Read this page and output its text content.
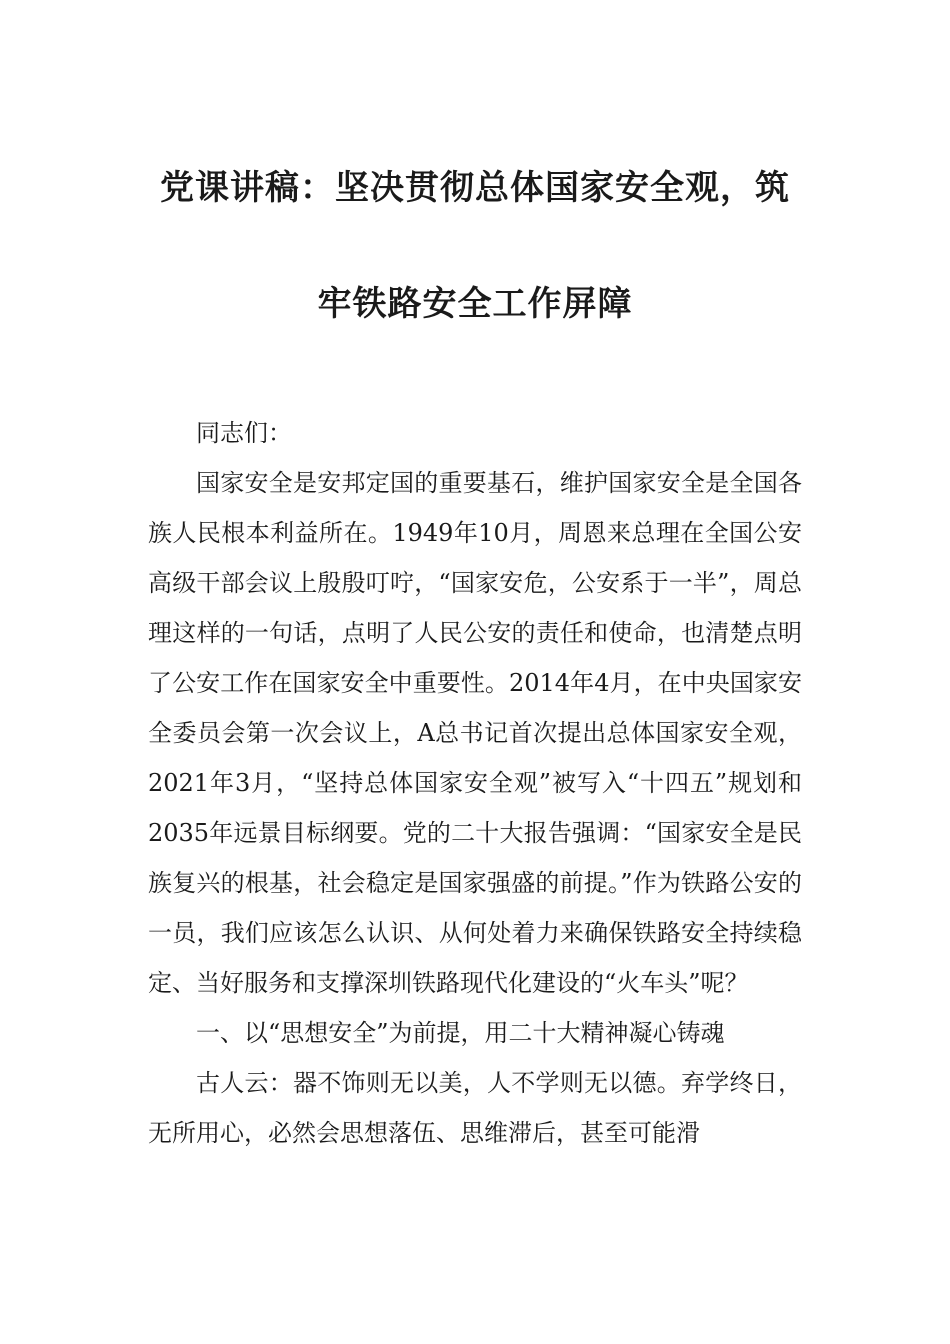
党课讲稿：坚决贯彻总体国家安全观，筑
牢铁路安全工作屏障

同志们：

国家安全是安邦定国的重要基石，维护国家安全是全国各族人民根本利益所在。1949年10月，周恩来总理在全国公安高级干部会议上殷殷叮咛，“国家安危，公安系于一半”，周总理这样的一句话，点明了人民公安的责任和使命，也清楚点明了公安工作在国家安全中重要性。2014年4月，在中央国家安全委员会第一次会议上，A总书记首次提出总体国家安全观，2021年3月，“坚持总体国家安全观”被写入“十四五”规划和2035年远景目标纲要。党的二十大报告强调：“国家安全是民族复兴的根基，社会稳定是国家强盛的前提。”作为铁路公安的一员，我们应该怎么认识、从何处着力来确保铁路安全持续稳定、当好服务和支撑深圳铁路现代化建设的“火车头”呢？

一、以“思想安全”为前提，用二十大精神凝心铸魂

古人云：器不饰则无以美，人不学则无以德。弃学终日，无所用心，必然会思想落伍、思维滞后，甚至可能滑
